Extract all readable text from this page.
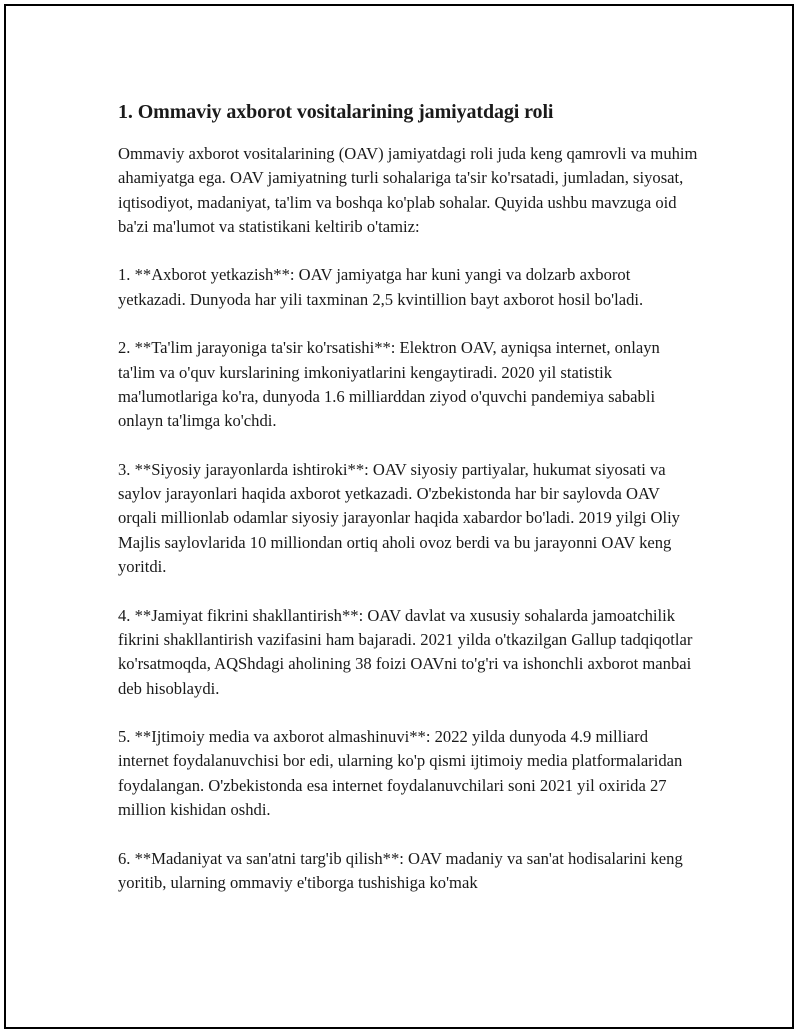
1. Ommaviy axborot vositalarining jamiyatdagi roli

Ommaviy axborot vositalarining (OAV) jamiyatdagi roli juda keng qamrovli va muhim ahamiyatga ega. OAV jamiyatning turli sohalariga ta'sir ko'rsatadi, jumladan, siyosat, iqtisodiyot, madaniyat, ta'lim va boshqa ko'plab sohalar. Quyida ushbu mavzuga oid ba'zi ma'lumot va statistikani keltirib o'tamiz:

1. **Axborot yetkazish**: OAV jamiyatga har kuni yangi va dolzarb axborot yetkazadi. Dunyoda har yili taxminan 2,5 kvintillion bayt axborot hosil bo'ladi.

2. **Ta'lim jarayoniga ta'sir ko'rsatishi**: Elektron OAV, ayniqsa internet, onlayn ta'lim va o'quv kurslarining imkoniyatlarini kengaytiradi. 2020 yil statistik ma'lumotlariga ko'ra, dunyoda 1.6 milliarddan ziyod o'quvchi pandemiya sababli onlayn ta'limga ko'chdi.

3. **Siyosiy jarayonlarda ishtiroki**: OAV siyosiy partiyalar, hukumat siyosati va saylov jarayonlari haqida axborot yetkazadi. O'zbekistonda har bir saylovda OAV orqali millionlab odamlar siyosiy jarayonlar haqida xabardor bo'ladi. 2019 yilgi Oliy Majlis saylovlarida 10 milliondan ortiq aholi ovoz berdi va bu jarayonni OAV keng yoritdi.

4. **Jamiyat fikrini shakllantirish**: OAV davlat va xususiy sohalarda jamoatchilik fikrini shakllantirish vazifasini ham bajaradi. 2021 yilda o'tkazilgan Gallup tadqiqotlar ko'rsatmoqda, AQShdagi aholining 38 foizi OAVni to'g'ri va ishonchli axborot manbai deb hisoblaydi.

5. **Ijtimoiy media va axborot almashinuvi**: 2022 yilda dunyoda 4.9 milliard internet foydalanuvchisi bor edi, ularning ko'p qismi ijtimoiy media platformalaridan foydalangan. O'zbekistonda esa internet foydalanuvchilari soni 2021 yil oxirida 27 million kishidan oshdi.

6. **Madaniyat va san'atni targ'ib qilish**: OAV madaniy va san'at hodisalarini keng yoritib, ularning ommaviy e'tiborga tushishiga ko'mak
